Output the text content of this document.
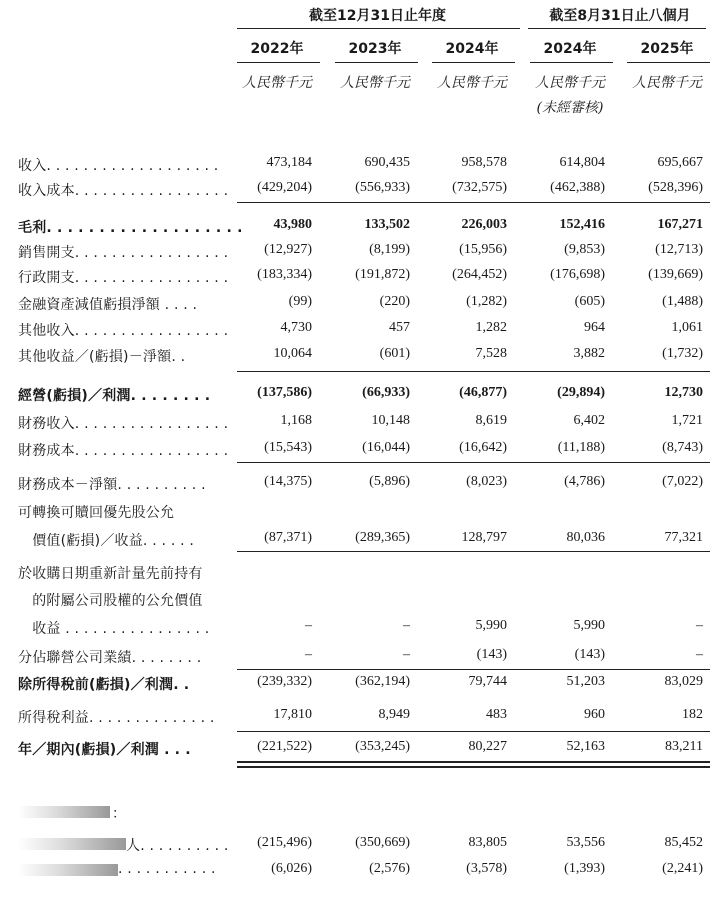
截至12月31日止年度	截至8月31日止八個月
2022年	2023年	2024年	2024年	2025年
人民幣千元	人民幣千元	人民幣千元	人民幣千元	人民幣千元
(未經審核)
收入. . . . . . . . . . . . . . . . . . .	473,184	690,435	958,578	614,804	695,667
收入成本. . . . . . . . . . . . . . . . . (429,204)	(556,933)	(732,575)	(462,388)	(528,396)
毛利. . . . . . . . . . . . . . . . . . . 43,980	133,502	226,003	152,416	167,271
銷售開支. . . . . . . . . . . . . . . . .	(12,927)	(8,199)	(15,956)	(9,853)	(12,713)
行政開支. . . . . . . . . . . . . . . . . (183,334)	(191,872)	(264,452)	(176,698)	(139,669)
金融資產減值虧損淨額 . . . .	(99)	(220)	(1,282)	(605)	(1,488)
其他收入. . . . . . . . . . . . . . . . .	4,730	457	1,282	964	1,061
其他收益／(虧損)－淨額. .	10,064	(601)	7,528	3,882	(1,732)
經營(虧損)／利潤. . . . . . . .	(137,586)	(66,933)	(46,877)	(29,894)	12,730
財務收入. . . . . . . . . . . . . . . . .	1,168	10,148	8,619	6,402	1,721
財務成本. . . . . . . . . . . . . . . . .	(15,543)	(16,044)	(16,642)	(11,188)	(8,743)
財務成本－淨額. . . . . . . . . .	(14,375)	(5,896)	(8,023)	(4,786)	(7,022)
可轉換可贖回優先股公允
　價值(虧損)／收益. . . . . .	(87,371)	(289,365)	128,797	80,036	77,321
於收購日期重新計量先前持有
　的附屬公司股權的公允價值
　收益 . . . . . . . . . . . . . . . .	–	–	5,990	5,990	–
分佔聯營公司業績. . . . . . . .	–	–	(143)	(143)	–
除所得稅前(虧損)／利潤. .	(239,332)	(362,194)	79,744	51,203	83,029
所得稅利益. . . . . . . . . . . . . .	17,810	8,949	483	960	182
年／期內(虧損)／利潤 . . .	(221,522)	(353,245)	80,227	52,163	83,211
：
人. . . . . . . . . . (215,496)	(350,669)	83,805	53,556	85,452
. . . . . . . . . . .	(6,026)	(2,576)	(3,578)	(1,393)	(2,241)
